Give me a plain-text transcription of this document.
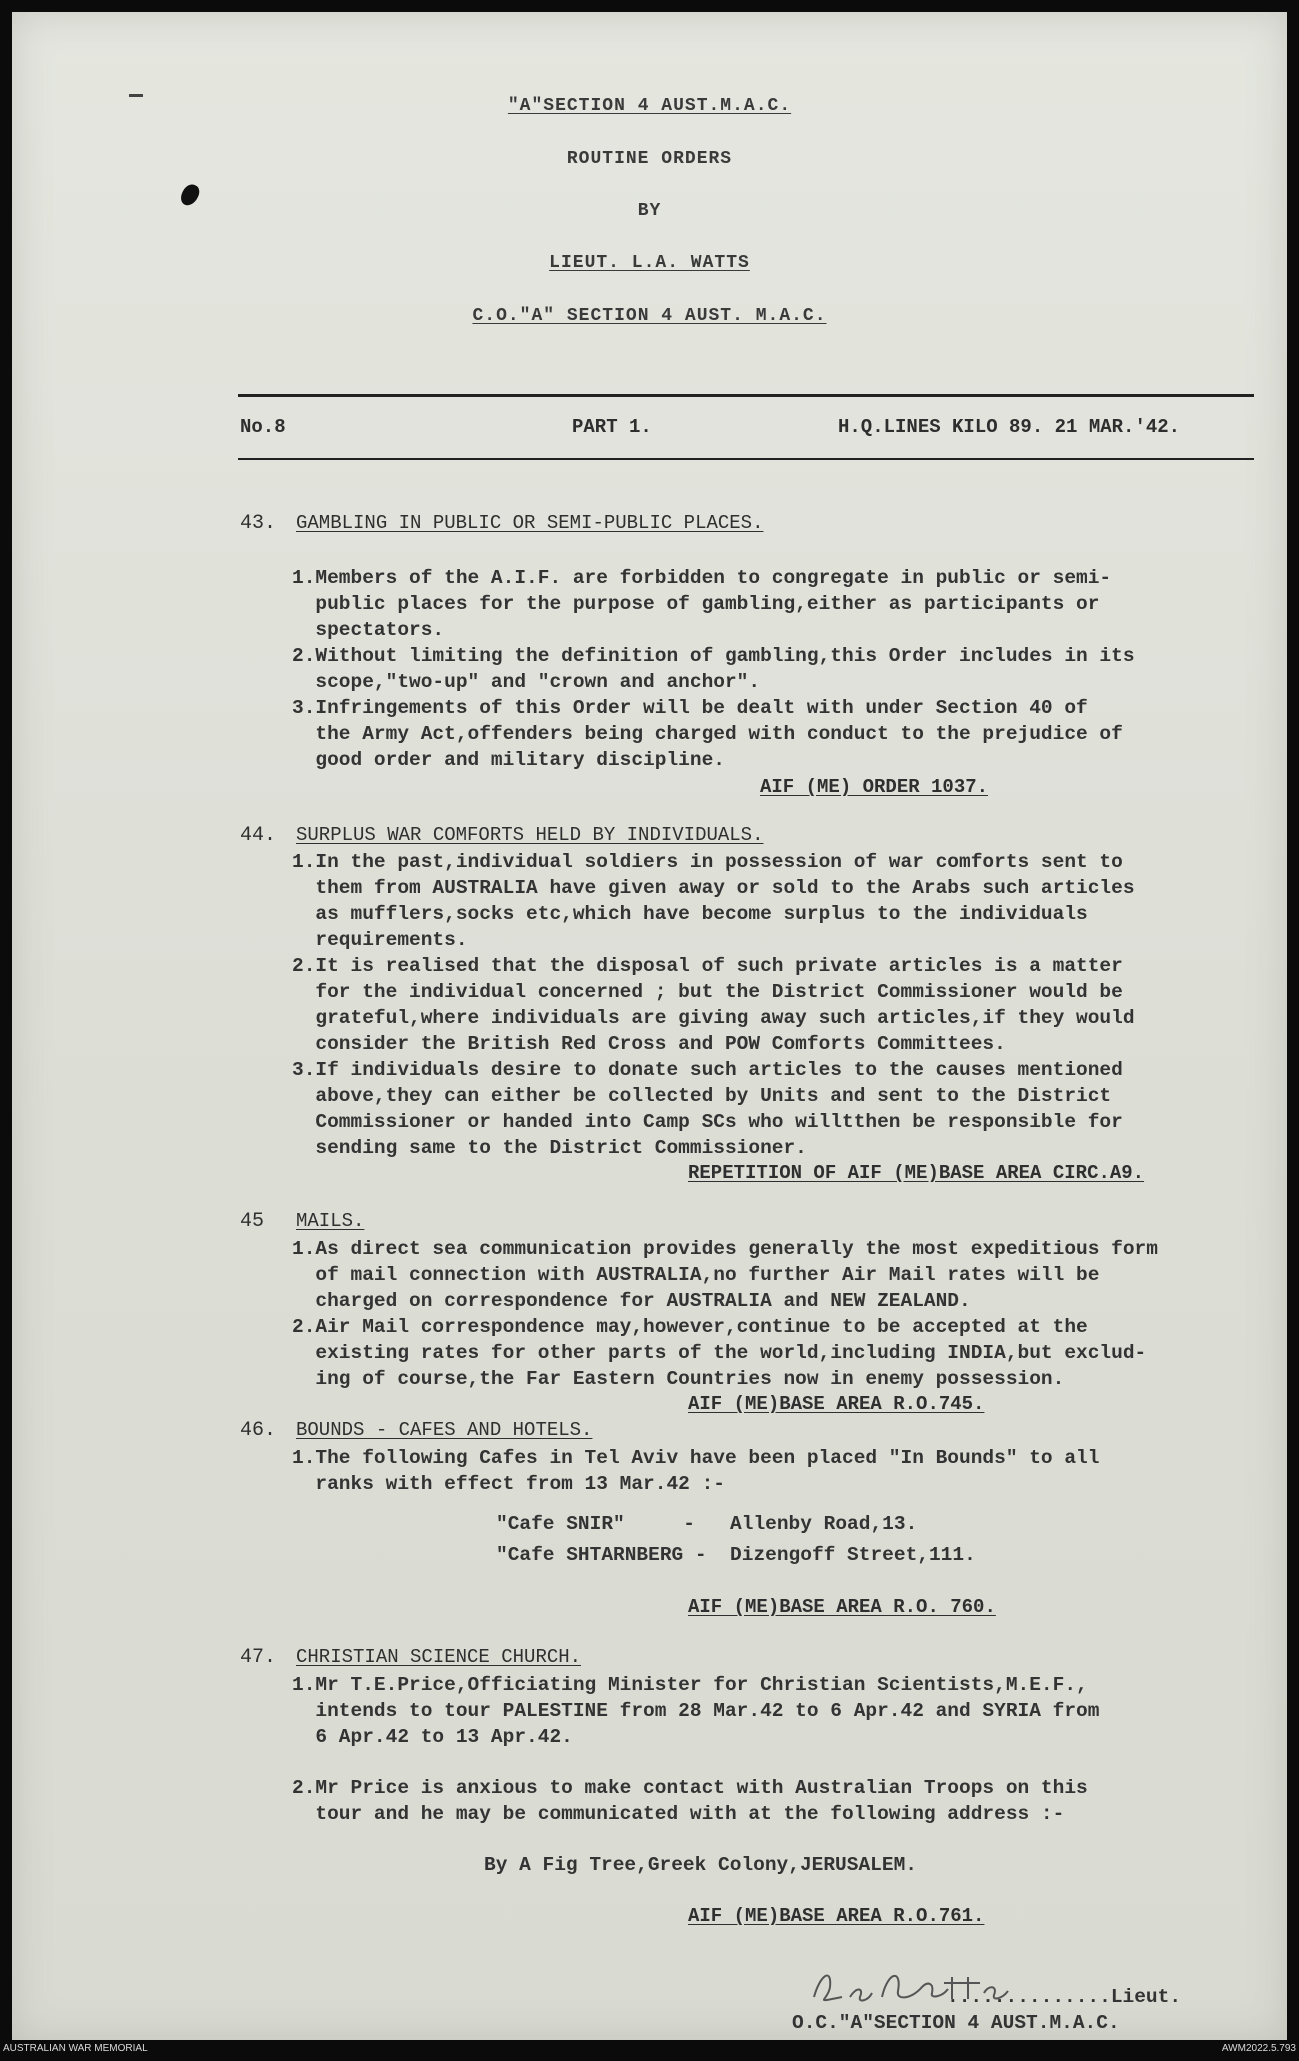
"A"SECTION 4 AUST.M.A.C.
ROUTINE ORDERS
BY
LIEUT. L.A. WATTS
C.O."A" SECTION 4 AUST. M.A.C.
No.8	PART 1.	H.Q.LINES KILO 89. 21 MAR.'42.
43. GAMBLING IN PUBLIC OR SEMI-PUBLIC PLACES.
1.Members of the A.I.F. are forbidden to congregate in public or semi-
public places for the purpose of gambling,either as participants or
spectators.
2.Without limiting the definition of gambling,this Order includes in its
scope,"two-up" and "crown and anchor".
3.Infringements of this Order will be dealt with under Section 40 of
the Army Act,offenders being charged with conduct to the prejudice of
good order and military discipline.
AIF (ME) ORDER 1037.
44. SURPLUS WAR COMFORTS HELD BY INDIVIDUALS.
1.In the past,individual soldiers in possession of war comforts sent to
them from AUSTRALIA have given away or sold to the Arabs such articles
as mufflers,socks etc,which have become surplus to the individuals
requirements.
2.It is realised that the disposal of such private articles is a matter
for the individual concerned ; but the District Commissioner would be
grateful,where individuals are giving away such articles,if they would
consider the British Red Cross and POW Comforts Committees.
3.If individuals desire to donate such articles to the causes mentioned
above,they can either be collected by Units and sent to the District
Commissioner or handed into Camp SCs who willtthen be responsible for
sending same to the District Commissioner.
REPETITION OF AIF (ME)BASE AREA CIRC.A9.
45 MAILS.
1.As direct sea communication provides generally the most expeditious form
of mail connection with AUSTRALIA,no further Air Mail rates will be
charged on correspondence for AUSTRALIA and NEW ZEALAND.
2.Air Mail correspondence may,however,continue to be accepted at the
existing rates for other parts of the world,including INDIA,but exclud-
ing of course,the Far Eastern Countries now in enemy possession.
AIF (ME)BASE AREA R.O.745.
46. BOUNDS - CAFES AND HOTELS.
1.The following Cafes in Tel Aviv have been placed "In Bounds" to all
ranks with effect from 13 Mar.42 :-
"Cafe SNIR"     -   Allenby Road,13.
"Cafe SHTARNBERG -  Dizengoff Street,111.
AIF (ME)BASE AREA R.O. 760.
47. CHRISTIAN SCIENCE CHURCH.
1.Mr T.E.Price,Officiating Minister for Christian Scientists,M.E.F.,
intends to tour PALESTINE from 28 Mar.42 to 6 Apr.42 and SYRIA from
6 Apr.42 to 13 Apr.42.
2.Mr Price is anxious to make contact with Australian Troops on this
tour and he may be communicated with at the following address :-
By A Fig Tree,Greek Colony,JERUSALEM.
AIF (ME)BASE AREA R.O.761.
..............Lieut.
O.C."A"SECTION 4 AUST.M.A.C.
AUSTRALIAN WAR MEMORIAL	AWM2022.5.793
